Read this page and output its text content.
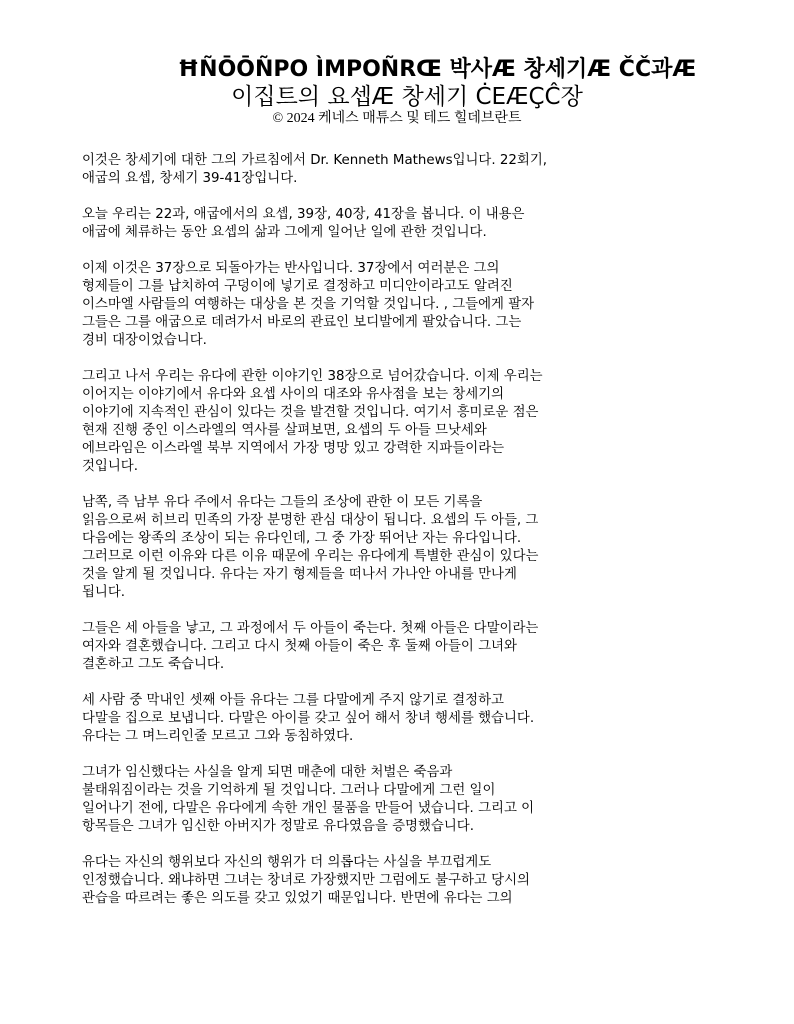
ĦÑŌŌÑPO ÌMPOÑRŒ 박사Æ 창세기Æ ČČ과Æ

이집트의 요셉Æ 창세기 ĊEÆÇĈ장

© 2024 케네스 매튜스 및 테드 힐데브란트

이것은 창세기에 대한 그의 가르침에서 Dr. Kenneth Mathews입니다. 22회기,
애굽의 요셉, 창세기 39-41장입니다.

오늘 우리는 22과, 애굽에서의 요셉, 39장, 40장, 41장을 봅니다. 이 내용은
애굽에 체류하는 동안 요셉의 삶과 그에게 일어난 일에 관한 것입니다.

이제 이것은 37장으로 되돌아가는 반사입니다. 37장에서 여러분은 그의
형제들이 그를 납치하여 구덩이에 넣기로 결정하고 미디안이라고도 알려진
이스마엘 사람들의 여행하는 대상을 본 것을 기억할 것입니다. , 그들에게 팔자
그들은 그를 애굽으로 데려가서 바로의 관료인 보디발에게 팔았습니다. 그는
경비 대장이었습니다.

그리고 나서 우리는 유다에 관한 이야기인 38장으로 넘어갔습니다. 이제 우리는
이어지는 이야기에서 유다와 요셉 사이의 대조와 유사점을 보는 창세기의
이야기에 지속적인 관심이 있다는 것을 발견할 것입니다. 여기서 흥미로운 점은
현재 진행 중인 이스라엘의 역사를 살펴보면, 요셉의 두 아들 므낫세와
에브라임은 이스라엘 북부 지역에서 가장 명망 있고 강력한 지파들이라는
것입니다.

남쪽, 즉 남부 유다 주에서 유다는 그들의 조상에 관한 이 모든 기록을
읽음으로써 히브리 민족의 가장 분명한 관심 대상이 됩니다. 요셉의 두 아들, 그
다음에는 왕족의 조상이 되는 유다인데, 그 중 가장 뛰어난 자는 유다입니다.
그러므로 이런 이유와 다른 이유 때문에 우리는 유다에게 특별한 관심이 있다는
것을 알게 될 것입니다. 유다는 자기 형제들을 떠나서 가나안 아내를 만나게
됩니다.

그들은 세 아들을 낳고, 그 과정에서 두 아들이 죽는다. 첫째 아들은 다말이라는
여자와 결혼했습니다. 그리고 다시 첫째 아들이 죽은 후 둘째 아들이 그녀와
결혼하고 그도 죽습니다.

세 사람 중 막내인 셋째 아들 유다는 그를 다말에게 주지 않기로 결정하고
다말을 집으로 보냅니다. 다말은 아이를 갖고 싶어 해서 창녀 행세를 했습니다.
유다는 그 며느리인줄 모르고 그와 동침하였다.

그녀가 임신했다는 사실을 알게 되면 매춘에 대한 처벌은 죽음과
불태워짐이라는 것을 기억하게 될 것입니다. 그러나 다말에게 그런 일이
일어나기 전에, 다말은 유다에게 속한 개인 물품을 만들어 냈습니다. 그리고 이
항목들은 그녀가 임신한 아버지가 정말로 유다였음을 증명했습니다.

유다는 자신의 행위보다 자신의 행위가 더 의롭다는 사실을 부끄럽게도
인정했습니다. 왜냐하면 그녀는 창녀로 가장했지만 그럼에도 불구하고 당시의
관습을 따르려는 좋은 의도를 갖고 있었기 때문입니다. 반면에 유다는 그의
